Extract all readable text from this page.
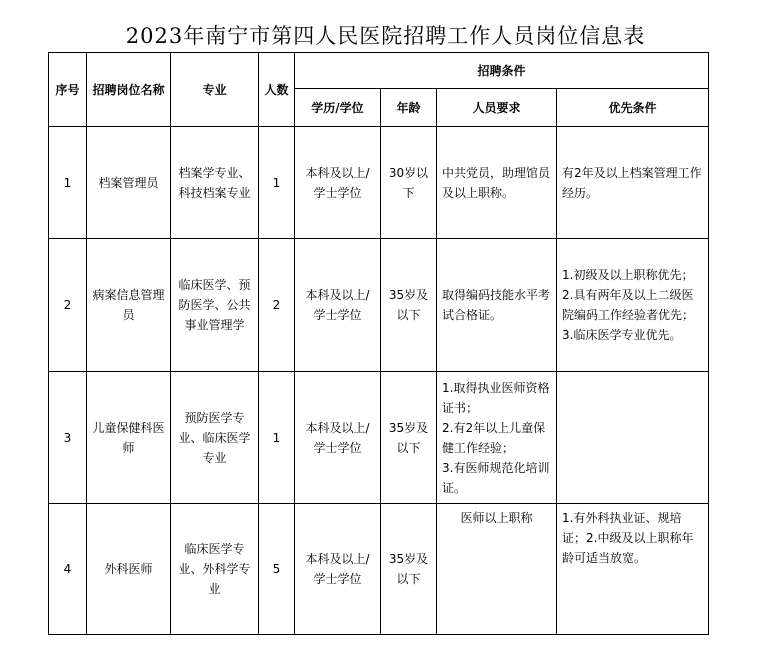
2023年南宁市第四人民医院招聘工作人员岗位信息表
序号	招聘岗位名称	专业	人数	招聘条件			
				学历/学位	年龄	人员要求	优先条件
1	档案管理员	档案学专业、科技档案专业	1	本科及以上/学士学位	30岁以下	中共党员，助理馆员及以上职称。	有2年及以上档案管理工作经历。

2	病案信息管理员	临床医学、预防医学、公共事业管理学	2	本科及以上/学士学位	35岁及以下	取得编码技能水平考试合格证。	1.初级及以上职称优先；
2.具有两年及以上二级医院编码工作经验者优先；
3.临床医学专业优先。

3	儿童保健科医师	预防医学专业、临床医学专业	1	本科及以上/学士学位	35岁及以下	1.取得执业医师资格证书；
2.有2年以上儿童保健工作经验；
3.有医师规范化培训证。	

4	外科医师	临床医学专业、外科学专业	5	本科及以上/学士学位	35岁及以下	医师以上职称	1.有外科执业证、规培证；2.中级及以上职称年龄可适当放宽。
